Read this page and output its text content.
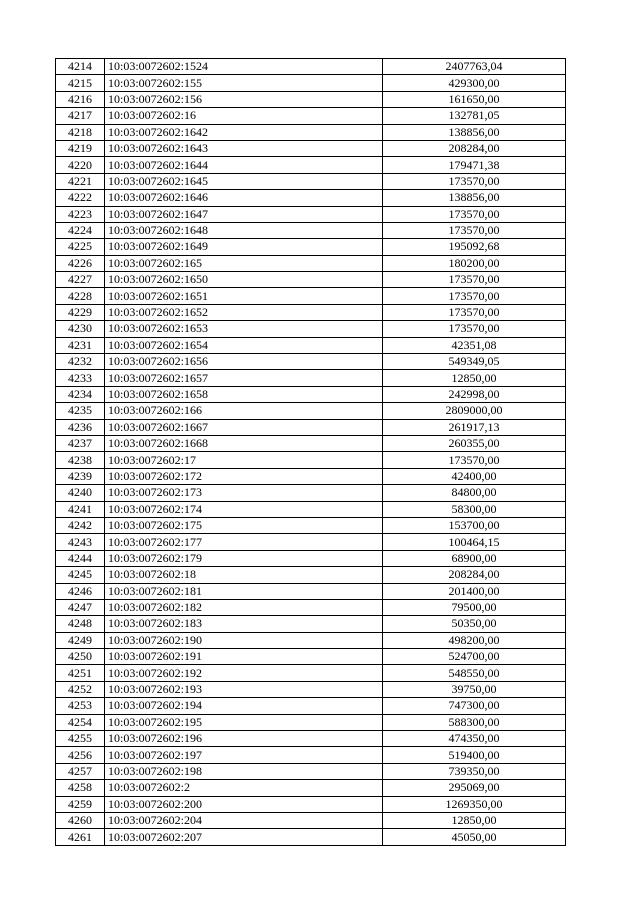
4214	10:03:0072602:1524	2407763,04
4215	10:03:0072602:155	429300,00
4216	10:03:0072602:156	161650,00
4217	10:03:0072602:16	132781,05
4218	10:03:0072602:1642	138856,00
4219	10:03:0072602:1643	208284,00
4220	10:03:0072602:1644	179471,38
4221	10:03:0072602:1645	173570,00
4222	10:03:0072602:1646	138856,00
4223	10:03:0072602:1647	173570,00
4224	10:03:0072602:1648	173570,00
4225	10:03:0072602:1649	195092,68
4226	10:03:0072602:165	180200,00
4227	10:03:0072602:1650	173570,00
4228	10:03:0072602:1651	173570,00
4229	10:03:0072602:1652	173570,00
4230	10:03:0072602:1653	173570,00
4231	10:03:0072602:1654	42351,08
4232	10:03:0072602:1656	549349,05
4233	10:03:0072602:1657	12850,00
4234	10:03:0072602:1658	242998,00
4235	10:03:0072602:166	2809000,00
4236	10:03:0072602:1667	261917,13
4237	10:03:0072602:1668	260355,00
4238	10:03:0072602:17	173570,00
4239	10:03:0072602:172	42400,00
4240	10:03:0072602:173	84800,00
4241	10:03:0072602:174	58300,00
4242	10:03:0072602:175	153700,00
4243	10:03:0072602:177	100464,15
4244	10:03:0072602:179	68900,00
4245	10:03:0072602:18	208284,00
4246	10:03:0072602:181	201400,00
4247	10:03:0072602:182	79500,00
4248	10:03:0072602:183	50350,00
4249	10:03:0072602:190	498200,00
4250	10:03:0072602:191	524700,00
4251	10:03:0072602:192	548550,00
4252	10:03:0072602:193	39750,00
4253	10:03:0072602:194	747300,00
4254	10:03:0072602:195	588300,00
4255	10:03:0072602:196	474350,00
4256	10:03:0072602:197	519400,00
4257	10:03:0072602:198	739350,00
4258	10:03:0072602:2	295069,00
4259	10:03:0072602:200	1269350,00
4260	10:03:0072602:204	12850,00
4261	10:03:0072602:207	45050,00
